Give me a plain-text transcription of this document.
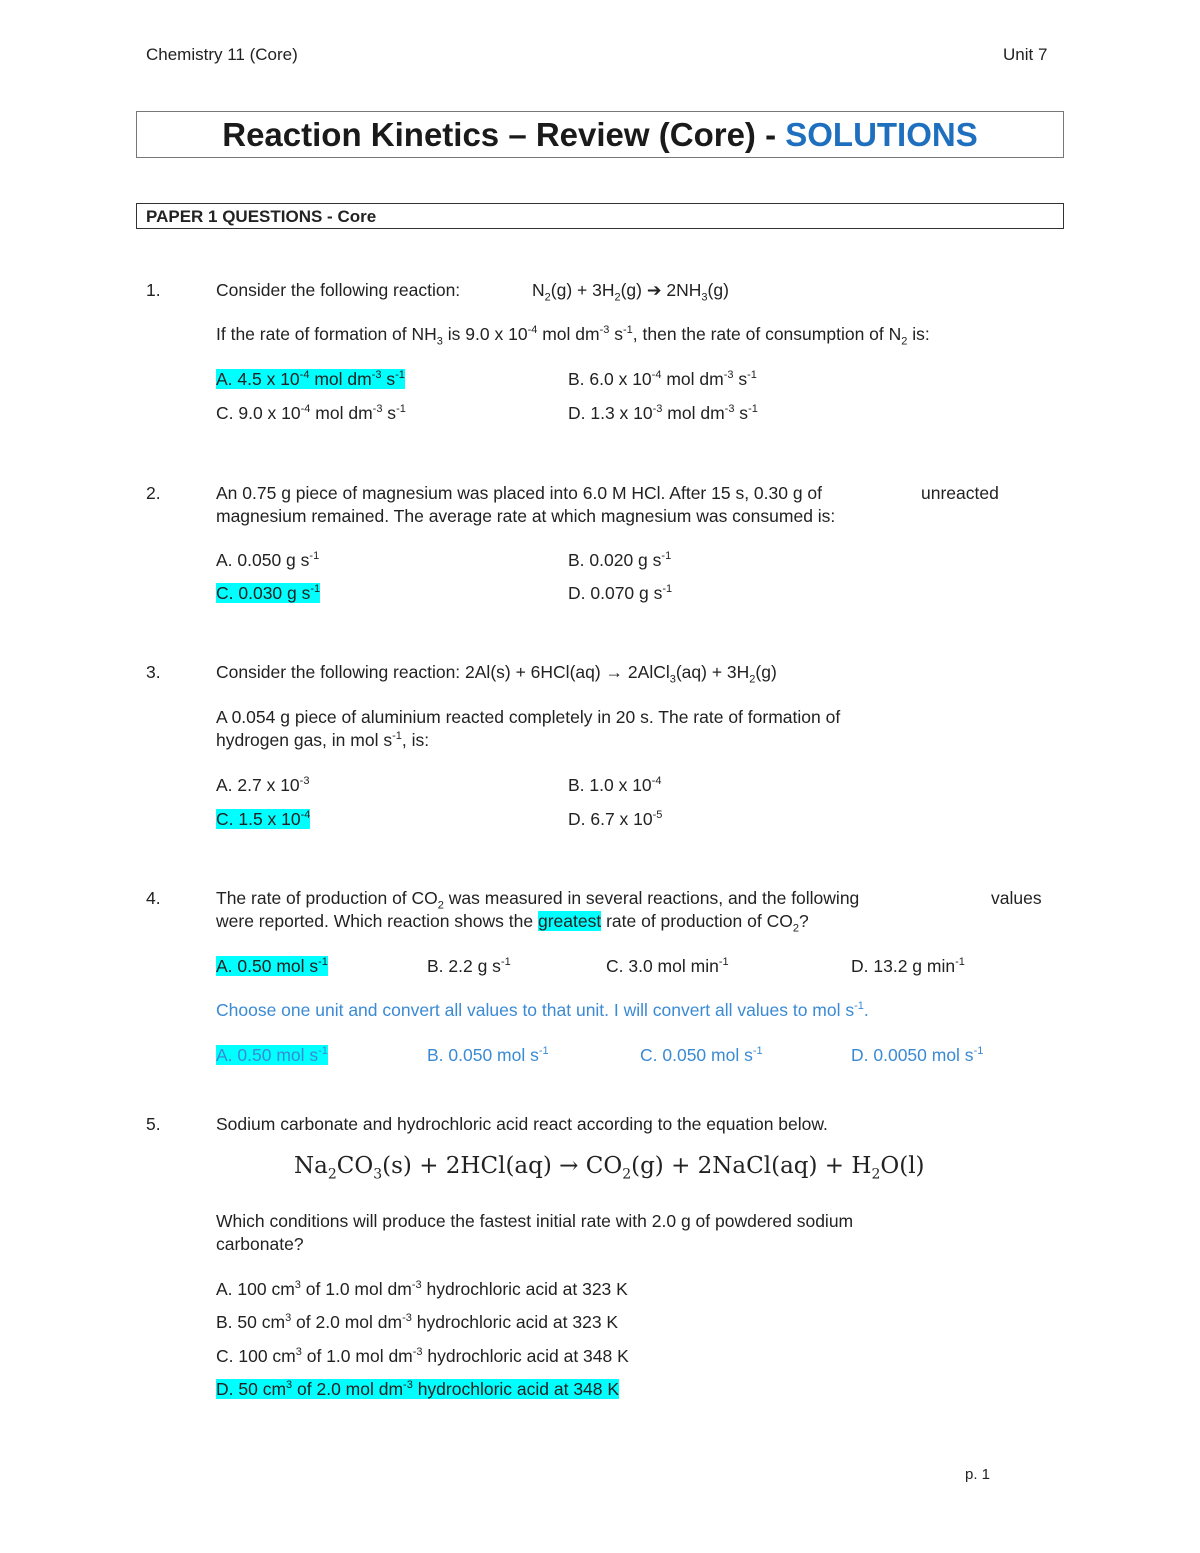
Chemistry 11 (Core)	Unit 7
Reaction Kinetics – Review (Core) - SOLUTIONS
PAPER 1 QUESTIONS - Core
1.	Consider the following reaction:	$N_2(g) + 3H_2(g)$ ➔ $2NH_3(g)$
If the rate of formation of $NH_3$ is 9.0 x $10^{-4}$ mol $dm^{-3}$ $s^{-1}$, then the rate of consumption of $N_2$ is:
A. 4.5 x $10^{-4}$ mol $dm^{-3}$ $s^{-1}$	B. 6.0 x $10^{-4}$ mol $dm^{-3}$ $s^{-1}$
C. 9.0 x $10^{-4}$ mol $dm^{-3}$ $s^{-1}$	D. 1.3 x $10^{-3}$ mol $dm^{-3}$ $s^{-1}$
2.	An 0.75 g piece of magnesium was placed into 6.0 M HCl. After 15 s, 0.30 g of	unreacted
magnesium remained. The average rate at which magnesium was consumed is:
A. 0.050 g $s^{-1}$	B. 0.020 g $s^{-1}$
C. 0.030 g $s^{-1}$	D. 0.070 g $s^{-1}$
3.	Consider the following reaction: 2Al(s) + 6HCl(aq) → 2AlCl$_3$(aq) + $3H_2(g)$
A 0.054 g piece of aluminium reacted completely in 20 s. The rate of formation of
hydrogen gas, in mol $s^{-1}$, is:
A. 2.7 x $10^{-3}$	B. 1.0 x $10^{-4}$
C. 1.5 x $10^{-4}$	D. 6.7 x $10^{-5}$
4.	The rate of production of $CO_2$ was measured in several reactions, and the following	values
were reported. Which reaction shows the greatest rate of production of $CO_2$?
A. 0.50 mol $s^{-1}$	B. 2.2 g $s^{-1}$	C. 3.0 mol $\min^{-1}$	D. 13.2 g $\min^{-1}$
Choose one unit and convert all values to that unit. I will convert all values to mol $s^{-1}$.
A. 0.50 mol $s^{-1}$	B. 0.050 mol $s^{-1}$	C. 0.050 mol $s^{-1}$	D. 0.0050 mol $s^{-1}$
5.	Sodium carbonate and hydrochloric acid react according to the equation below.
$Na_2CO_3(s) + 2HCl(aq) \to CO_2(g)$ + 2NaCl(aq) + $H_2O(l)$
Which conditions will produce the fastest initial rate with 2.0 g of powdered sodium
carbonate?
A. 100 $cm^3$ of 1.0 mol $dm^{-3}$ hydrochloric acid at 323 K
B. 50 $cm^3$ of 2.0 mol $dm^{-3}$ hydrochloric acid at 323 K
C. 100 $cm^3$ of 1.0 mol $dm^{-3}$ hydrochloric acid at 348 K
D. 50 $cm^3$ of 2.0 mol $dm^{-3}$ hydrochloric acid at 348 K
p. 1
